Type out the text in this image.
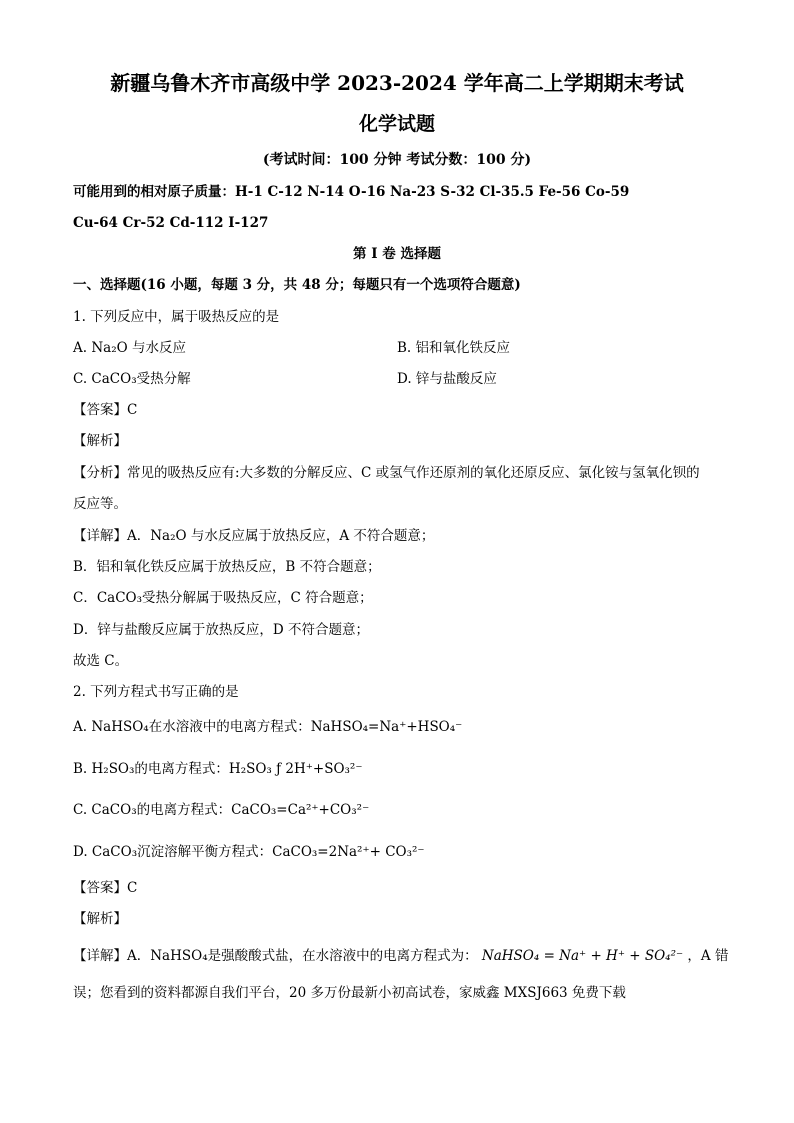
新疆乌鲁木齐市高级中学 2023-2024 学年高二上学期期末考试
化学试题
(考试时间：100 分钟 考试分数：100 分)
可能用到的相对原子质量：H-1 C-12 N-14 O-16 Na-23 S-32 Cl-35.5 Fe-56 Co-59
Cu-64 Cr-52 Cd-112 I-127
第 I 卷 选择题
一、选择题(16 小题，每题 3 分，共 48 分；每题只有一个选项符合题意)
1. 下列反应中，属于吸热反应的是
A. Na₂O 与水反应	B. 铝和氧化铁反应
C. CaCO₃受热分解	D. 锌与盐酸反应
【答案】C
【解析】
【分析】常见的吸热反应有:大多数的分解反应、C 或氢气作还原剂的氧化还原反应、氯化铵与氢氧化钡的
反应等。
【详解】A．Na₂O 与水反应属于放热反应，A 不符合题意；
B．铝和氧化铁反应属于放热反应，B 不符合题意；
C．CaCO₃受热分解属于吸热反应，C 符合题意；
D．锌与盐酸反应属于放热反应，D 不符合题意；
故选 C。
2. 下列方程式书写正确的是
A. NaHSO₄在水溶液中的电离方程式：NaHSO₄=Na⁺+HSO₄⁻
B. H₂SO₃的电离方程式：H₂SO₃ ƒ 2H⁺+SO₃²⁻
C. CaCO₃的电离方程式：CaCO₃=Ca²⁺+CO₃²⁻
D. CaCO₃沉淀溶解平衡方程式：CaCO₃=2Na²⁺+ CO₃²⁻
【答案】C
【解析】
【详解】A．NaHSO₄是强酸酸式盐，在水溶液中的电离方程式为： NaHSO₄ = Na⁺ + H⁺ + SO₄²⁻ ，A 错
误；您看到的资料都源自我们平台，20 多万份最新小初高试卷，家威鑫 MXSJ663 免费下载
